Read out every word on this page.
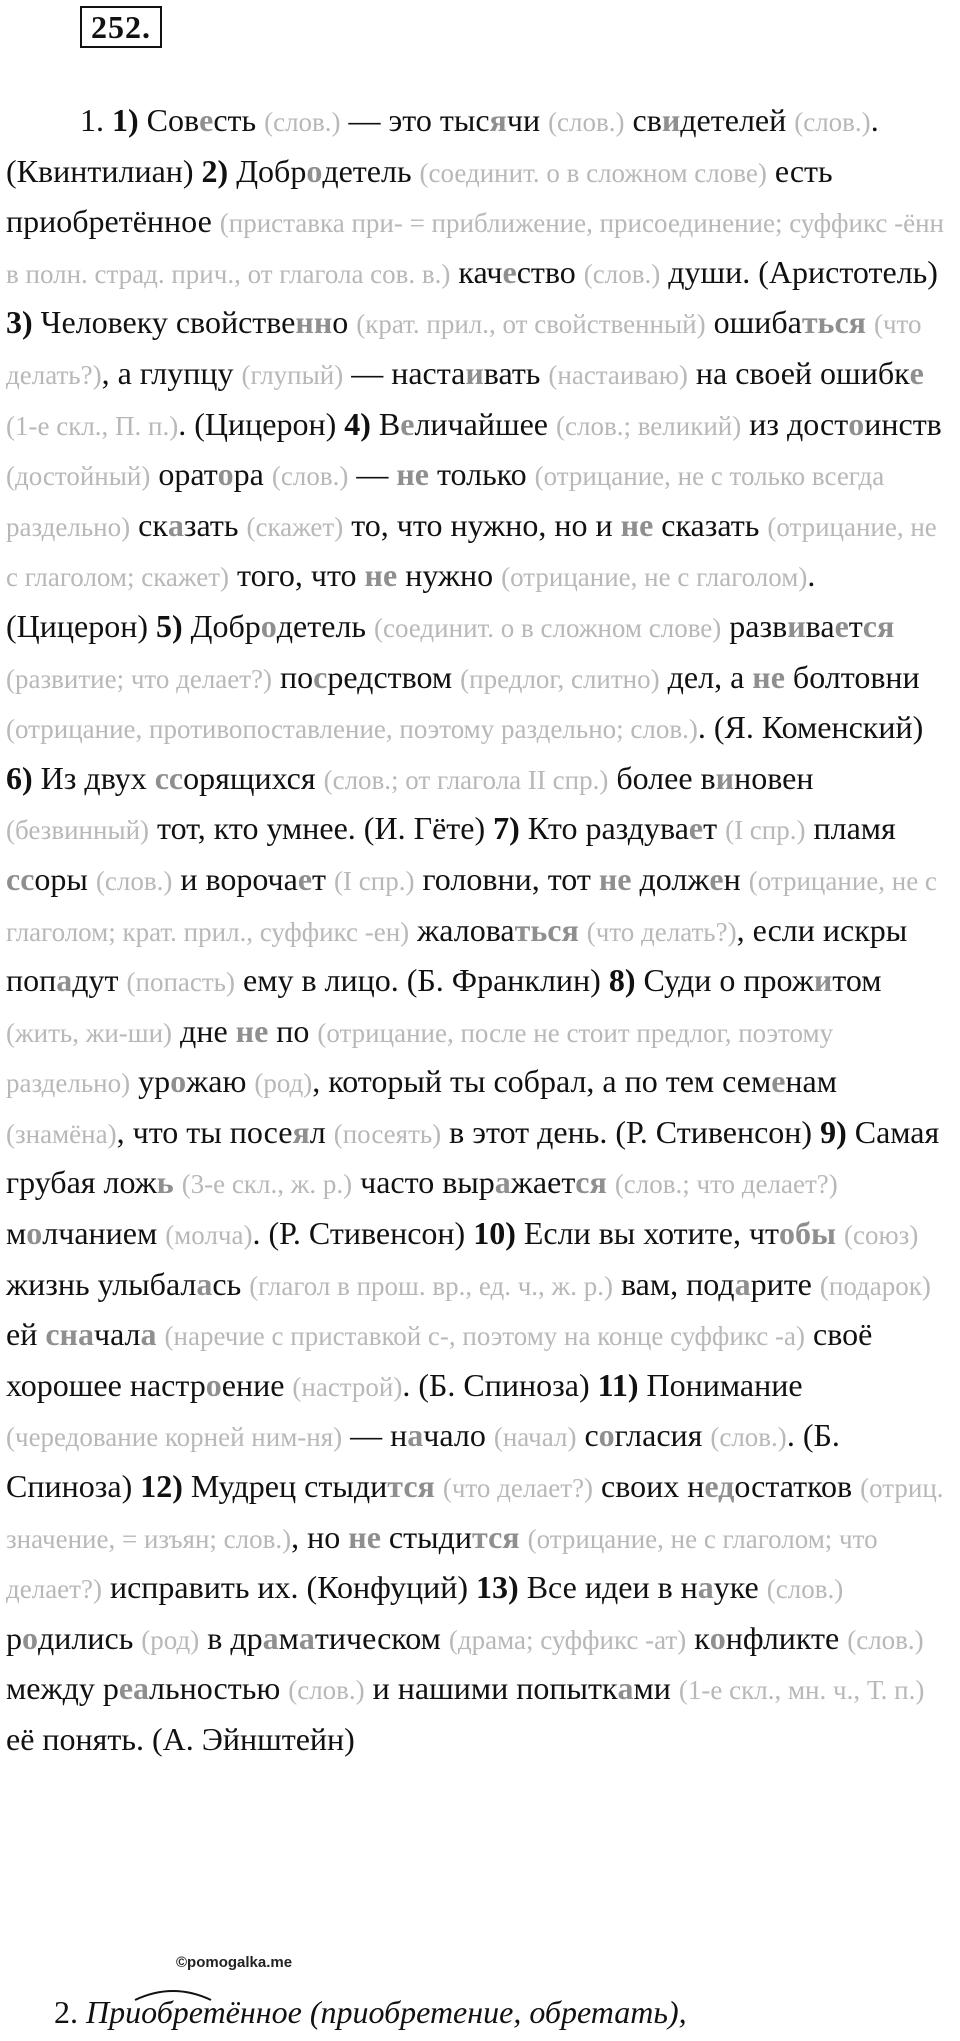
252.

1. 1) Совесть (слов.) — это тысячи (слов.) свидетелей (слов.). (Квинтилиан) 2) Добродетель (соединит. о в сложном слове) есть приобретённое (приставка при- = приближение, присоединение; суффикс -ённ в полн. страд. прич., от глагола сов. в.) качество (слов.) души. (Аристотель) 3) Человеку свойственно (крат. прил., от свойственный) ошибаться (что делать?), а глупцу (глупый) — настаивать (настаиваю) на своей ошибке (1-е скл., П. п.). (Цицерон) 4) Величайшее (слов.; великий) из достоинств (достойный) оратора (слов.) — не только (отрицание, не с только всегда раздельно) сказать (скажет) то, что нужно, но и не сказать (отрицание, не с глаголом; скажет) того, что не нужно (отрицание, не с глаголом). (Цицерон) 5) Добродетель (соединит. о в сложном слове) развивается (развитие; что делает?) посредством (предлог, слитно) дел, а не болтовни (отрицание, противопоставление, поэтому раздельно; слов.). (Я. Коменский) 6) Из двух ссорящихся (слов.; от глагола II спр.) более виновен (безвинный) тот, кто умнее. (И. Гёте) 7) Кто раздувает (I спр.) пламя ссоры (слов.) и ворочaет (I спр.) головни, тот не должен (отрицание, не с глаголом; крат. прил., суффикс -ен) жаловаться (что делать?), если искры попадут (попасть) ему в лицо. (Б. Франклин) 8) Суди о прожитом (жить, жи-ши) дне не по (отрицание, после не стоит предлог, поэтому раздельно) урожаю (род), который ты собрал, а по тем семенам (знамёна), что ты посеял (посеять) в этот день. (Р. Стивенсон) 9) Самая грубая ложь (3-е скл., ж. р.) часто выражается (слов.; что делает?) молчанием (молча). (Р. Стивенсон) 10) Если вы хотите, чтобы (союз) жизнь улыбалась (глагол в прош. вр., ед. ч., ж. р.) вам, подарите (подарок) ей сначала (наречие с приставкой с-, поэтому на конце суффикс -а) своё хорошее настроение (настрой). (Б. Спиноза) 11) Понимание (чередование корней ним-ня) — начало (начал) согласия (слов.). (Б. Спиноза) 12) Мудрец стыдится (что делает?) своих недостатков (отриц. значение, = изъян; слов.), но не стыдится (отрицание, не с глаголом; что делает?) исправить их. (Конфуций) 13) Все идеи в науке (слов.) родились (род) в драматическом (драма; суффикс -ат) конфликте (слов.) между реальностью (слов.) и нашими попытками (1-е скл., мн. ч., Т. п.) её понять. (А. Эйнштейн)

©pomogalka.me
2. Приобретённое (приобретение, обретать),
